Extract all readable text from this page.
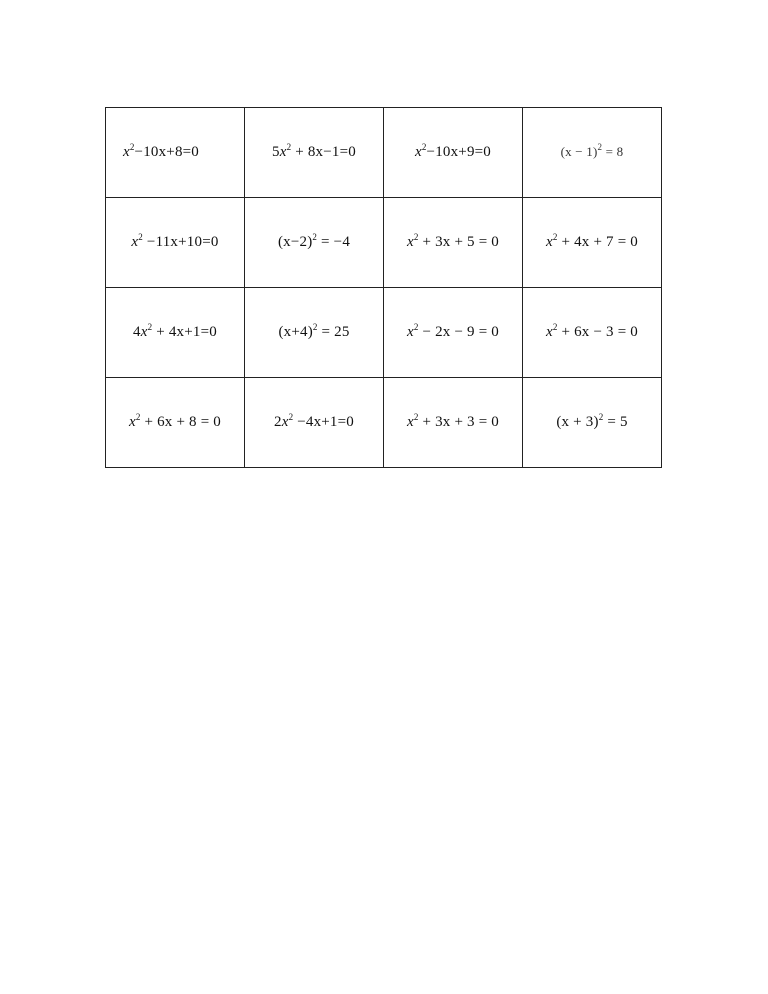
$x^2-10x+8=0$	$5x^2 + 8x-1=0$	$x^2-10x+9=0$	$(x - 1)^2 = 8$
$x^2 -11x+10=0$	$(x-2)^2 = -4$	$x^2 + 3x + 5 = 0$	$x^2 + 4x + 7 = 0$
$4x^2 + 4x+1=0$	$(x+4)^2 = 25$	$x^2 - 2x - 9 = 0$	$x^2 + 6x - 3 = 0$
$x^2 + 6x + 8 = 0$	$2x^2 -4x+1=0$	$x^2 + 3x + 3 = 0$	$(x + 3)^2 = 5$
